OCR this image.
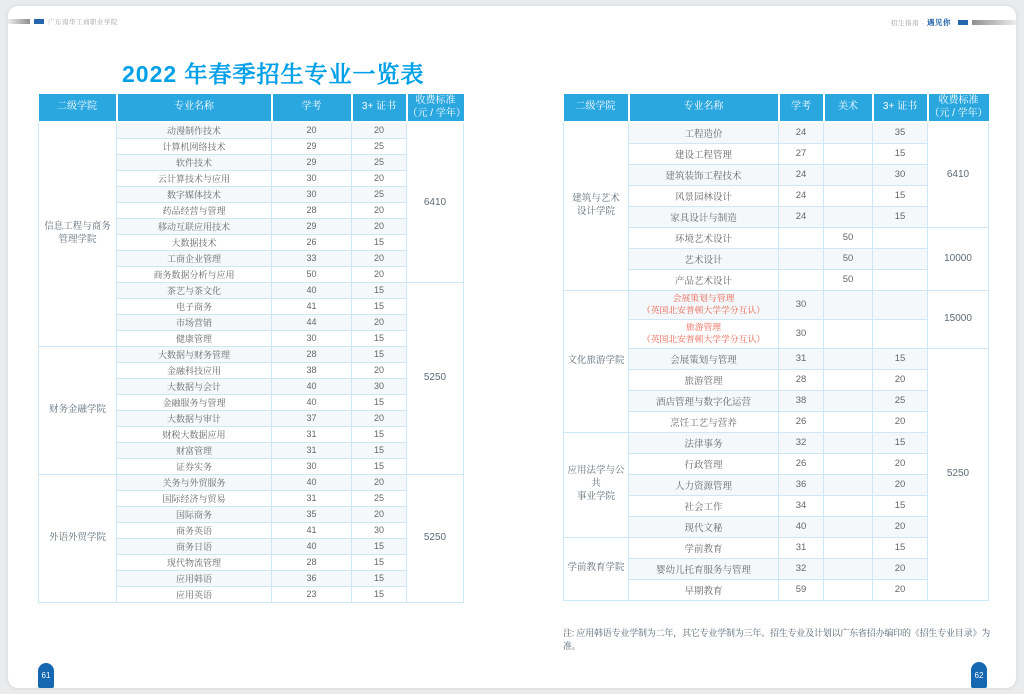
广东南华工商职业学院	招生指南 · 遇见你
2022 年春季招生专业一览表
二级学院	专业名称	学考	3+ 证书	收费标准
（元 / 学年）
信息工程与商务
管理学院	动漫制作技术	20	20	6410
	计算机网络技术	29	25	
	软件技术	29	25	
	云计算技术与应用	30	20	
	数字媒体技术	30	25	
	药品经营与管理	28	20	
	移动互联应用技术	29	20	
	大数据技术	26	15	
	工商企业管理	33	20	
	商务数据分析与应用	50	20	
	茶艺与茶文化	40	15	5250
	电子商务	41	15	
	市场营销	44	20	
	健康管理	30	15	
财务金融学院	大数据与财务管理	28	15	
	金融科技应用	38	20	
	大数据与会计	40	30	
	金融服务与管理	40	15	
	大数据与审计	37	20	
	财税大数据应用	31	15	
	财富管理	31	15	
	证券实务	30	15	
外语外贸学院	关务与外贸服务	40	20	5250
	国际经济与贸易	31	25	
	国际商务	35	20	
	商务英语	41	30	
	商务日语	40	15	
	现代物流管理	28	15	
	应用韩语	36	15	
	应用英语	23	15	
二级学院	专业名称	学考	美术	3+ 证书	收费标准
（元 / 学年）
建筑与艺术
设计学院	工程造价	24		35	6410
	建设工程管理	27		15	
	建筑装饰工程技术	24		30	
	风景园林设计	24		15	
	家具设计与制造	24		15	
	环境艺术设计		50		10000
	艺术设计		50		
	产品艺术设计		50		
文化旅游学院	会展策划与管理
（英国北安普顿大学学分互认）	30			15000
	旅游管理
（英国北安普顿大学学分互认）	30			
	会展策划与管理	31		15	5250
	旅游管理	28		20	
	酒店管理与数字化运营	38		25	
	烹饪工艺与营养	26		20	
应用法学与公共
事业学院	法律事务	32		15	
	行政管理	26		20	
	人力资源管理	36		20	
	社会工作	34		15	
	现代文秘	40		20	
学前教育学院	学前教育	31		15	
	婴幼儿托育服务与管理	32		20	
	早期教育	59		20	
注: 应用韩语专业学制为二年，其它专业学制为三年。招生专业及计划以广东省招办编印的《招生专业目录》为准。
61	62
